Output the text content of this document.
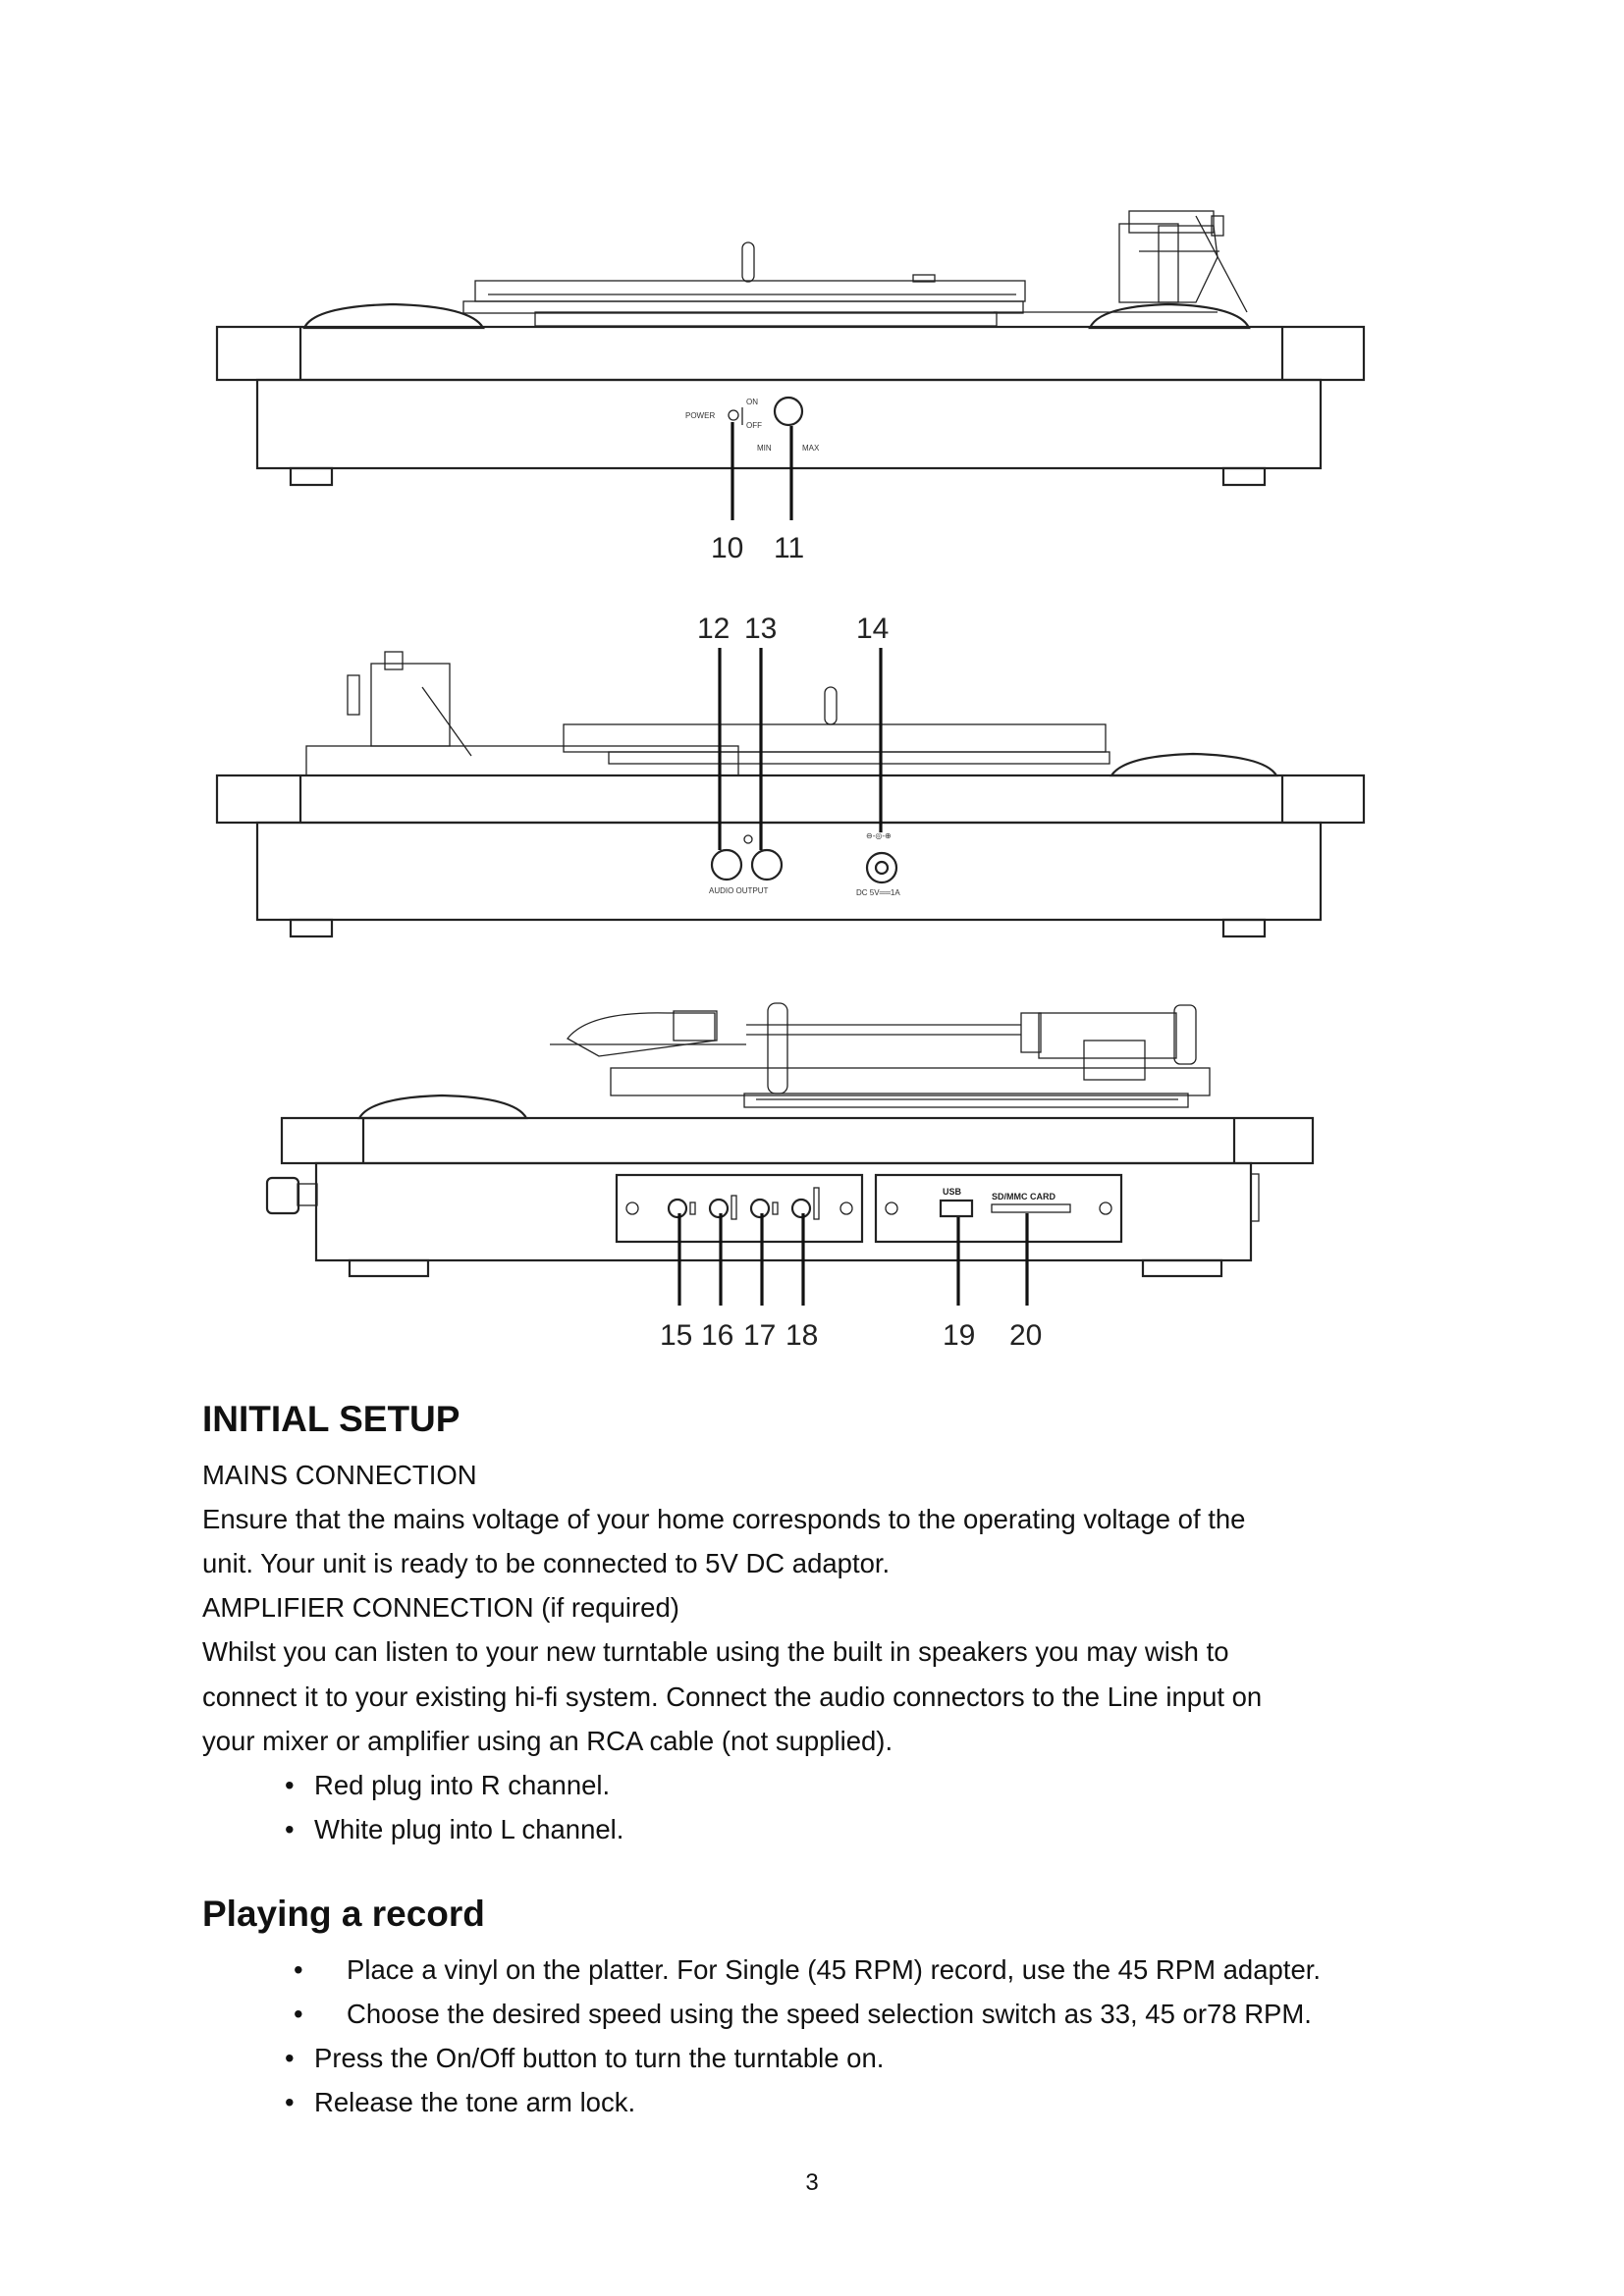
POWER
ON
OFF
MIN	MAX
10 11
12 13	14
AUDIO OUTPUT
⊖-◎-⊕
DC 5V══1A
USB	SD/MMC CARD
15 16 17 18	19 20
INITIAL SETUP

MAINS CONNECTION

Ensure that the mains voltage of your home corresponds to the operating voltage of the

unit. Your unit is ready to be connected to 5V DC adaptor.

AMPLIFIER CONNECTION (if required)

Whilst you can listen to your new turntable using the built in speakers you may wish to

connect it to your existing hi-fi system. Connect the audio connectors to the Line input on

your mixer or amplifier using an RCA cable (not supplied).

• Red plug into R channel.
• White plug into L channel.
Playing a record
• Place a vinyl on the platter. For Single (45 RPM) record, use the 45 RPM adapter.
• Choose the desired speed using the speed selection switch as 33, 45 or78 RPM.
• Press the On/Off button to turn the turntable on.
• Release the tone arm lock.
3
